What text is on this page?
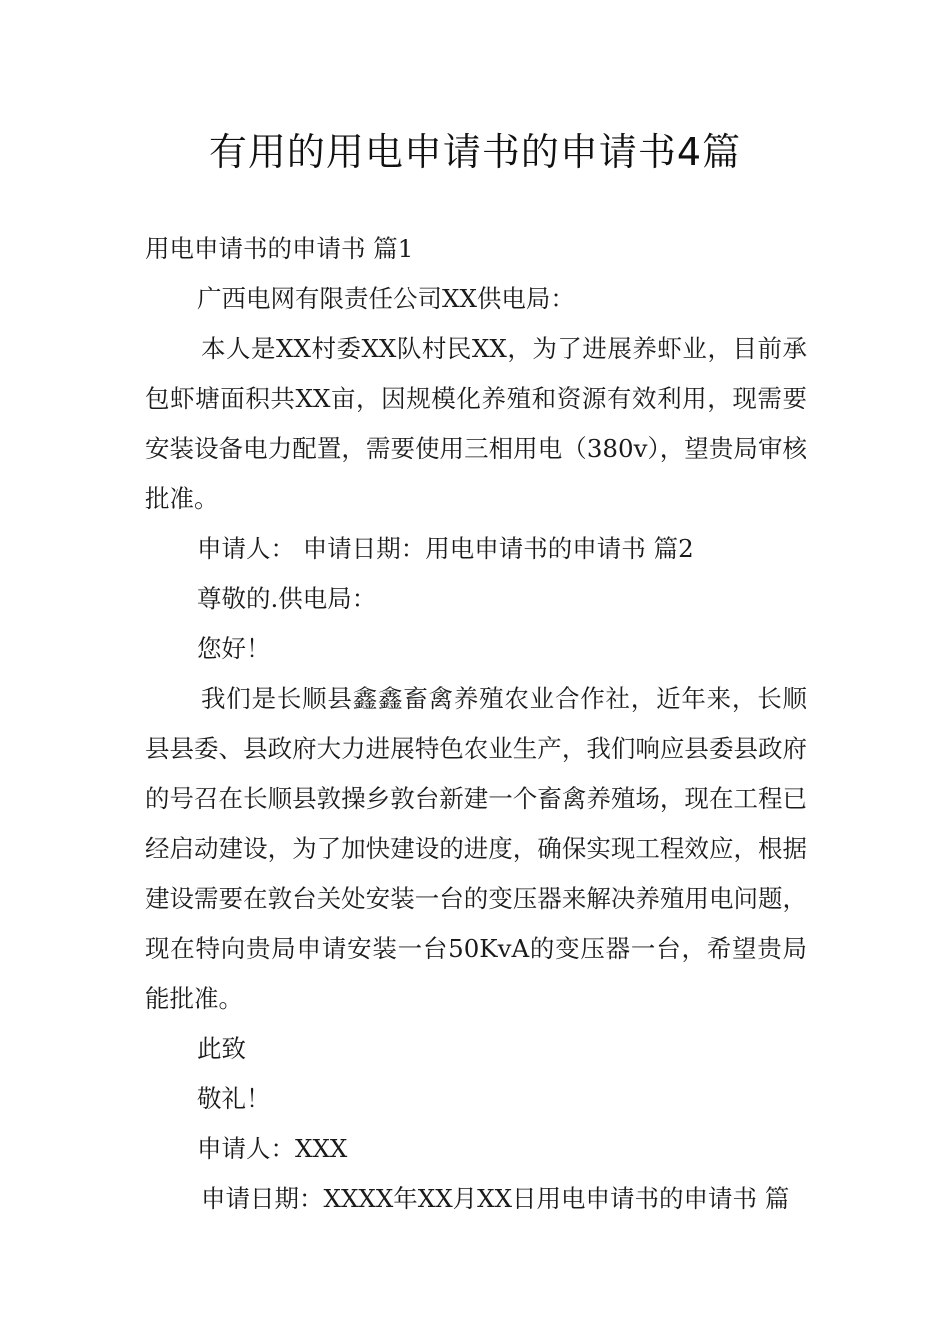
有用的用电申请书的申请书4篇

用电申请书的申请书 篇1

广西电网有限责任公司XX供电局：

本人是XX村委XX队村民XX，为了进展养虾业，目前承包虾塘面积共XX亩，因规模化养殖和资源有效利用，现需要安装设备电力配置，需要使用三相用电（380v），望贵局审核批准。

申请人： 申请日期：用电申请书的申请书 篇2

尊敬的.供电局：

您好！

我们是长顺县鑫鑫畜禽养殖农业合作社，近年来，长顺县县委、县政府大力进展特色农业生产，我们响应县委县政府的号召在长顺县敦操乡敦台新建一个畜禽养殖场，现在工程已经启动建设，为了加快建设的进度，确保实现工程效应，根据建设需要在敦台关处安装一台的变压器来解决养殖用电问题，现在特向贵局申请安装一台50KvA的变压器一台，希望贵局能批准。

此致

敬礼！

申请人：XXX

申请日期：XXXX年XX月XX日用电申请书的申请书 篇
